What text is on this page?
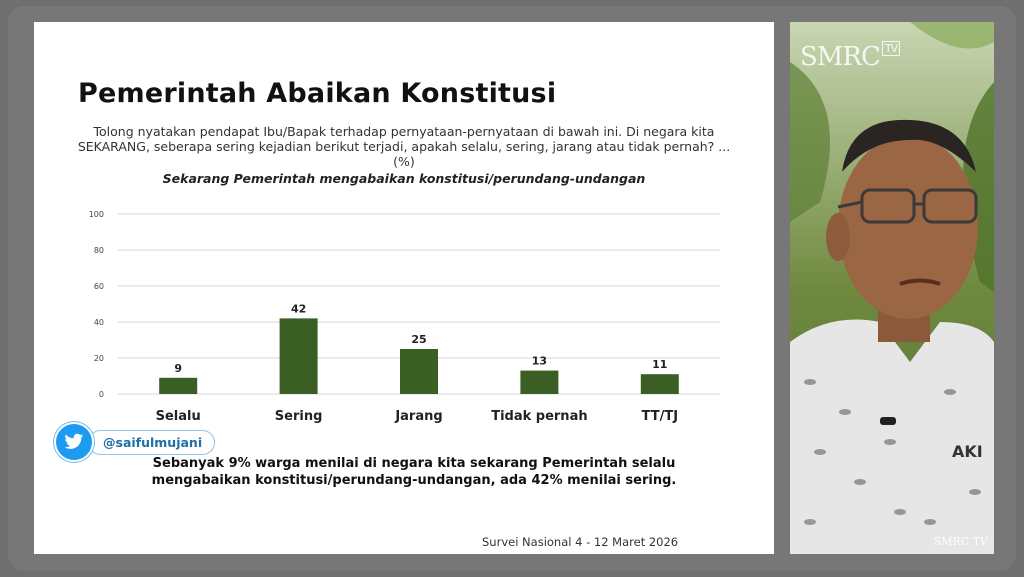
Pemerintah Abaikan Konstitusi
Tolong nyatakan pendapat Ibu/Bapak terhadap pernyataan-pernyataan di bawah ini. Di negara kita SEKARANG, seberapa sering kejadian berikut terjadi, apakah selalu, sering, jarang atau tidak pernah? ... (%)
Sekarang Pemerintah mengabaikan konstitusi/perundang-undangan
0
20
40
60
80
100
9
Selalu
42
Sering
25
Jarang
13
Tidak pernah
11
TT/TJ
Sebanyak 9% warga menilai di negara kita sekarang Pemerintah selalu
mengabaikan konstitusi/perundang-undangan, ada 42% menilai sering.
Survei Nasional 4 - 12 Maret 2026
@saifulmujani
SMRC $^{TV}$
AKI
SMRC TV
